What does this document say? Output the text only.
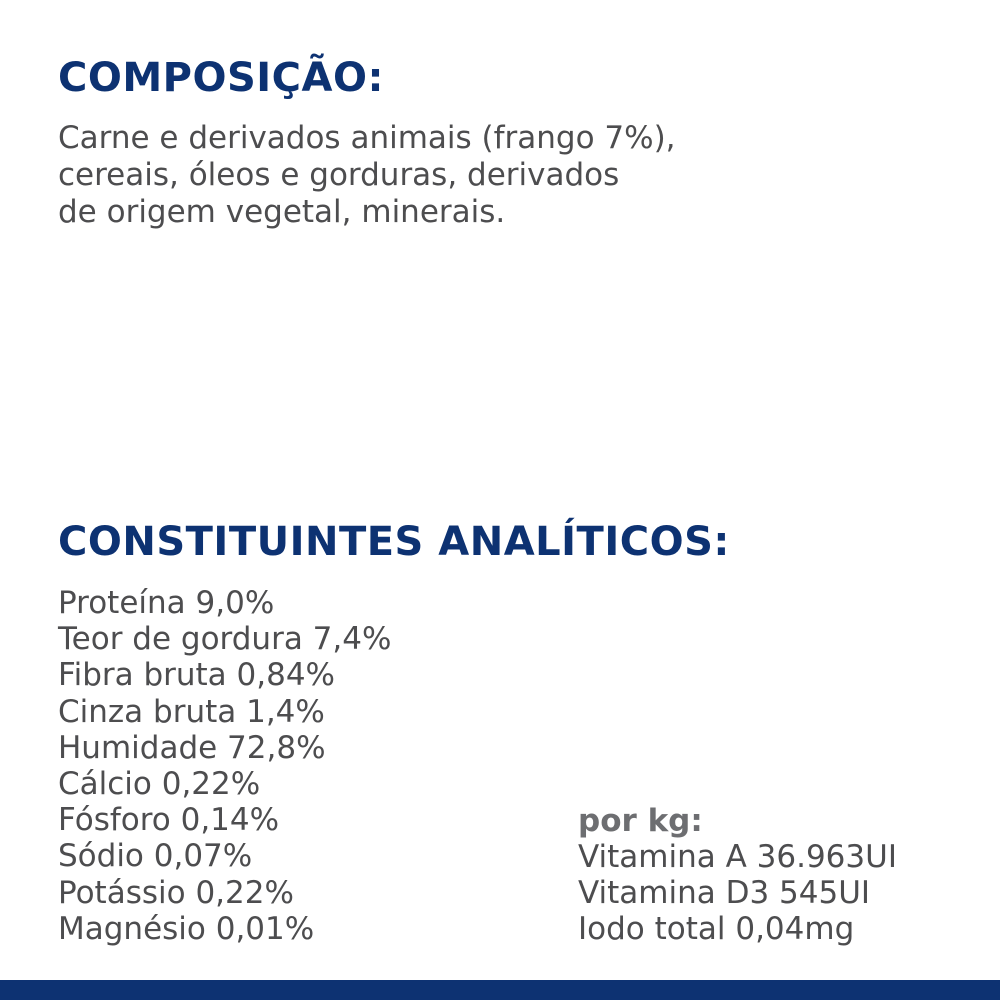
COMPOSIÇÃO:

Carne e derivados animais (frango 7%),
cereais, óleos e gorduras, derivados
de origem vegetal, minerais.

CONSTITUINTES ANALÍTICOS:
Proteína 9,0%
Teor de gordura 7,4%
Fibra bruta 0,84%
Cinza bruta 1,4%
Humidade 72,8%
Cálcio 0,22%
Fósforo 0,14%
Sódio 0,07%
Potássio 0,22%
Magnésio 0,01%

por kg:

Vitamina A 36.963UI
Vitamina D3 545UI
Iodo total 0,04mg
